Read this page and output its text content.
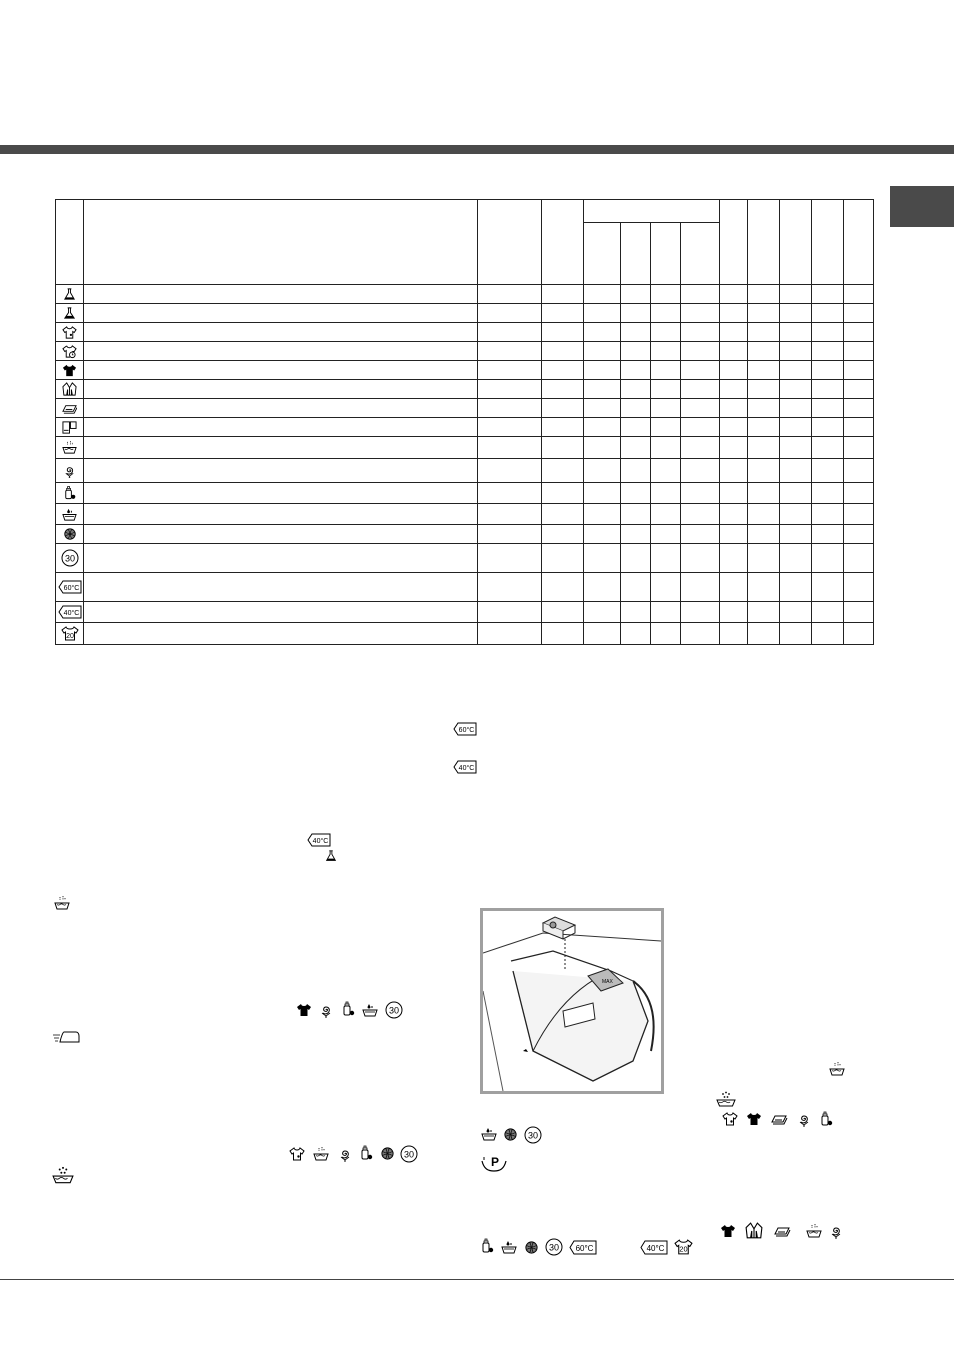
30												

60°C												

40°C												

20												

60°C
40°C
40°C
30
30
MAX
30
P
30 60°C	40°C 20
